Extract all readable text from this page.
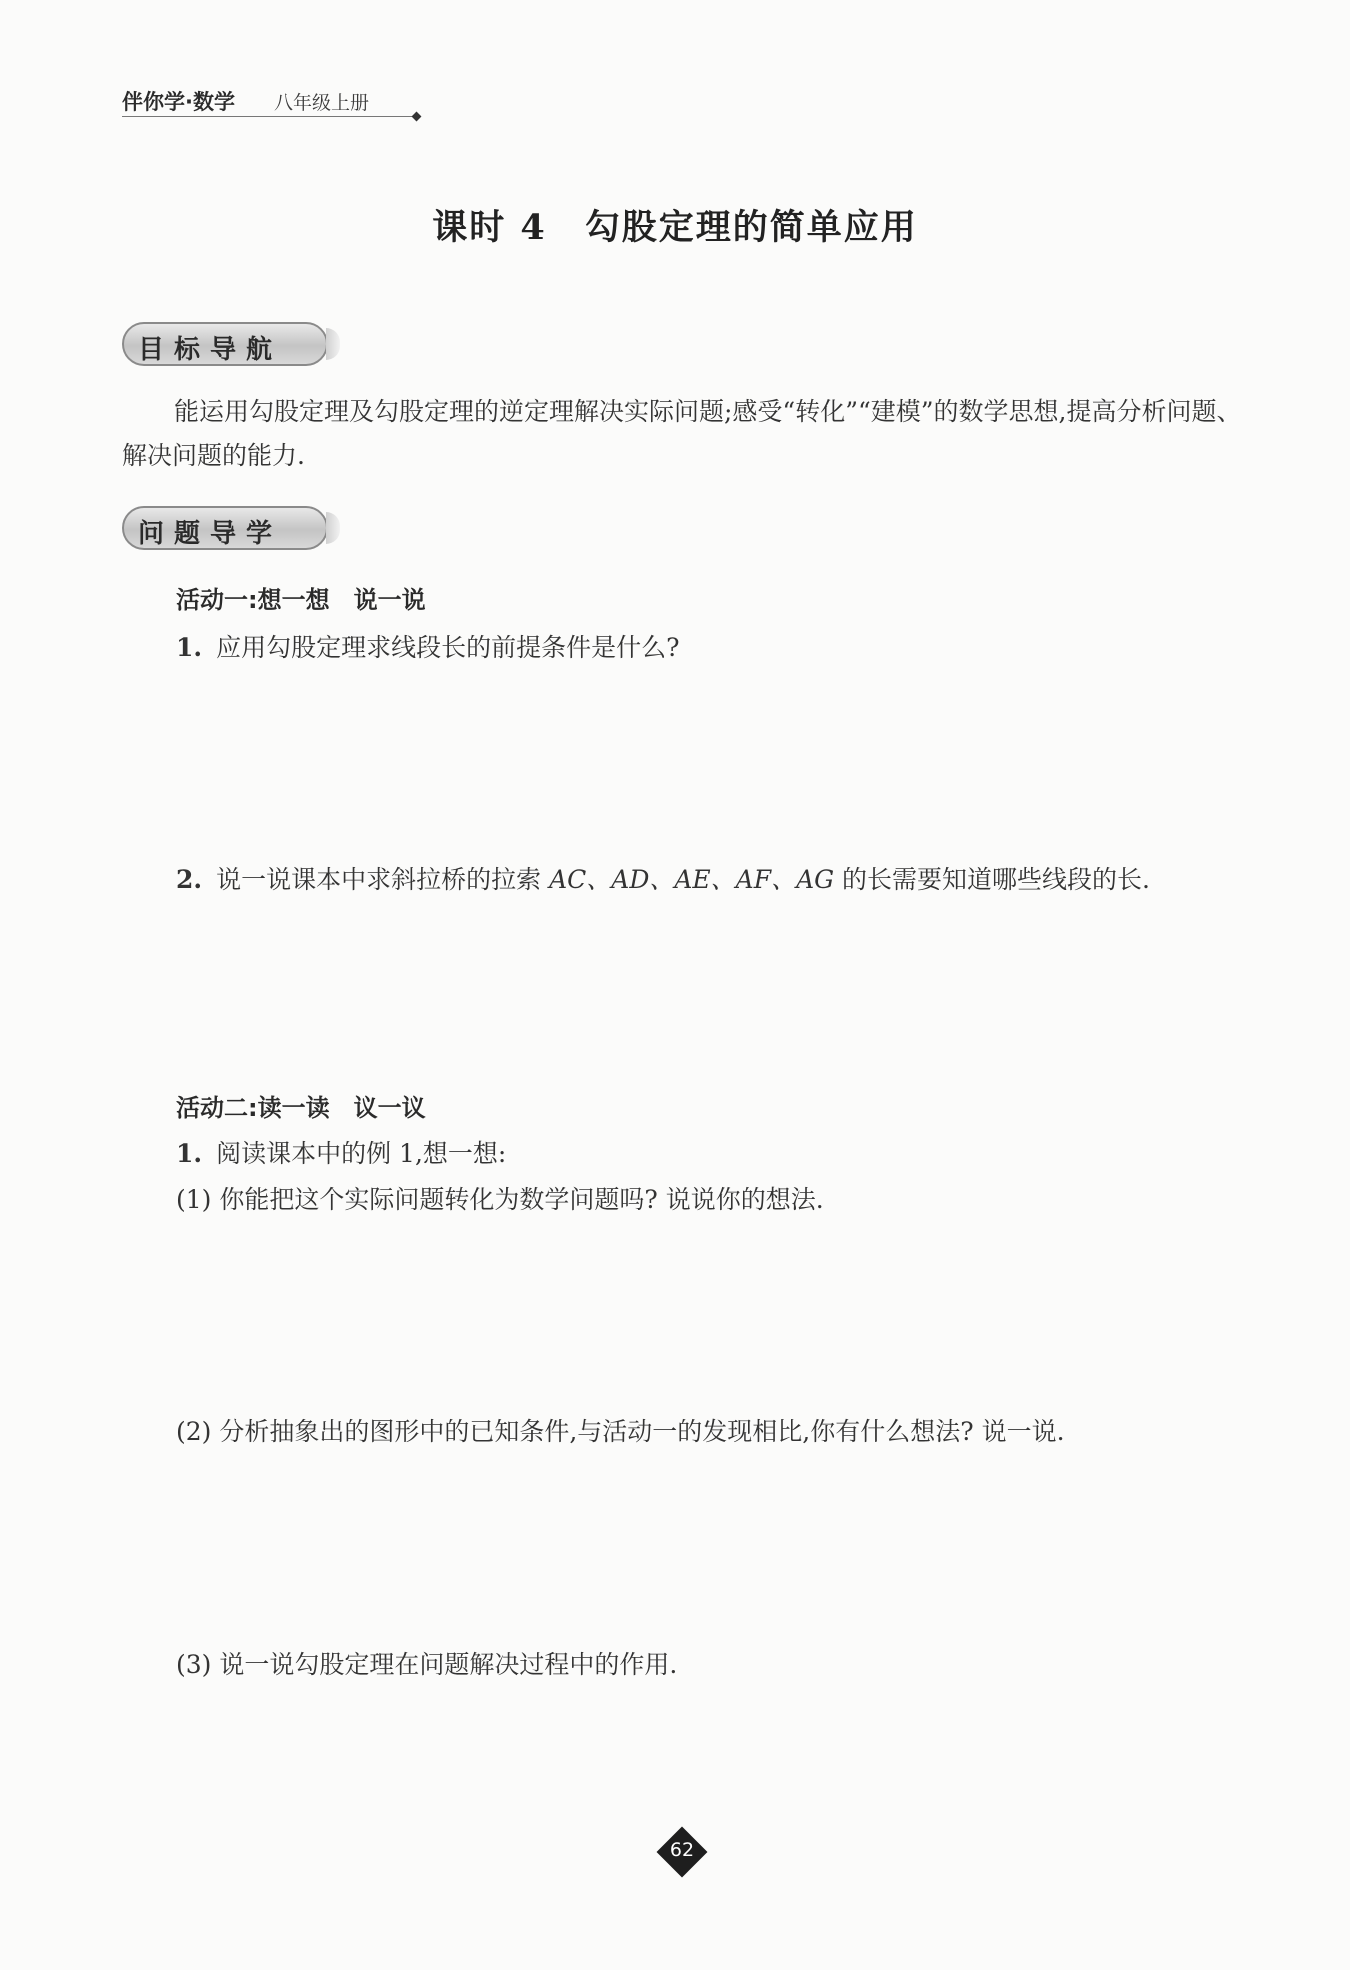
伴你学·数学 八年级上册
课时 4 勾股定理的简单应用
目标导航
能运用勾股定理及勾股定理的逆定理解决实际问题;感受“转化”“建模”的数学思想,提高分析问题、解决问题的能力.
问题导学
活动一:想一想　说一说
1. 应用勾股定理求线段长的前提条件是什么?
2. 说一说课本中求斜拉桥的拉索 AC、AD、AE、AF、AG 的长需要知道哪些线段的长.
活动二:读一读　议一议
1. 阅读课本中的例 1,想一想:
(1) 你能把这个实际问题转化为数学问题吗? 说说你的想法.
(2) 分析抽象出的图形中的已知条件,与活动一的发现相比,你有什么想法? 说一说.
(3) 说一说勾股定理在问题解决过程中的作用.
62
